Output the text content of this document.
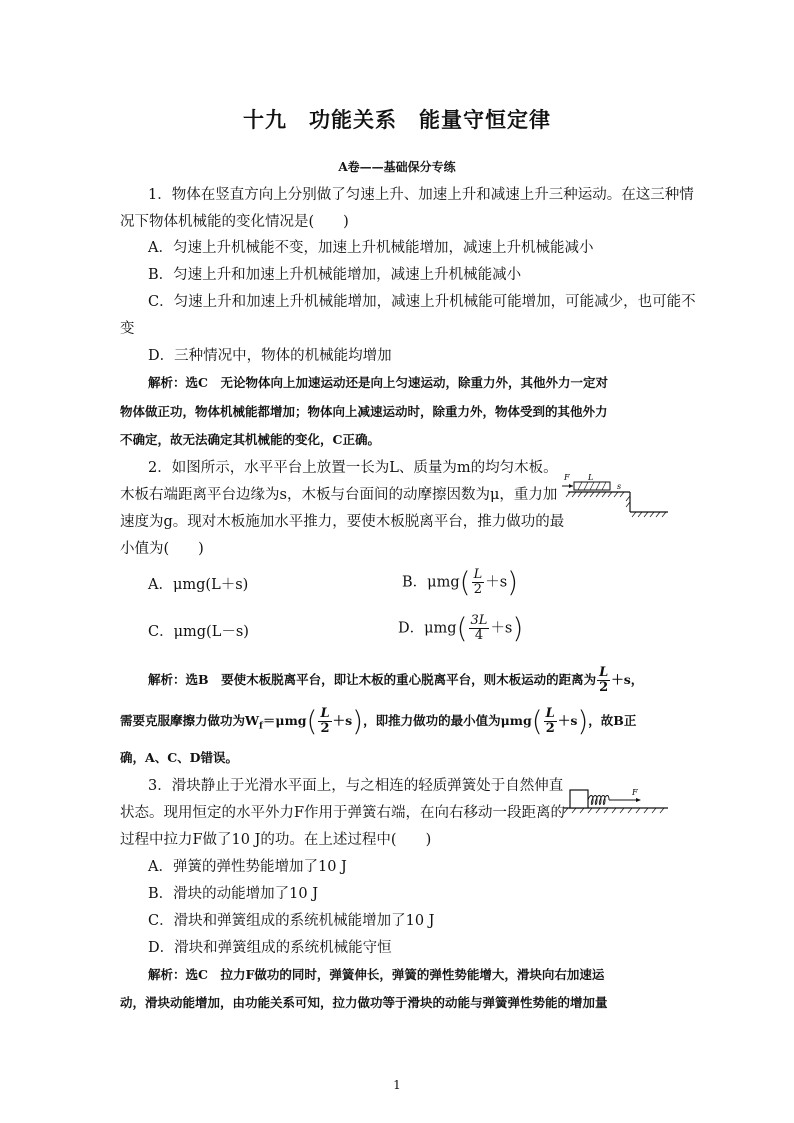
十九　功能关系　能量守恒定律
A卷——基础保分专练
1．物体在竖直方向上分别做了匀速上升、加速上升和减速上升三种运动。在这三种情
况下物体机械能的变化情况是(　　)
A．匀速上升机械能不变，加速上升机械能增加，减速上升机械能减小
B．匀速上升和加速上升机械能增加，减速上升机械能减小
C．匀速上升和加速上升机械能增加，减速上升机械能可能增加，可能减少，也可能不
变
D．三种情况中，物体的机械能均增加
解析：选C　无论物体向上加速运动还是向上匀速运动，除重力外，其他外力一定对
物体做正功，物体机械能都增加；物体向上减速运动时，除重力外，物体受到的其他外力
不确定，故无法确定其机械能的变化，C正确。
2．如图所示，水平平台上放置一长为L、质量为m的均匀木板。
木板右端距离平台边缘为s，木板与台面间的动摩擦因数为μ，重力加
速度为g。现对木板施加水平推力，要使木板脱离平台，推力做功的最
小值为(　　)
F L
s
A．μmg(L＋s)	B．$\mu mg( \frac{L}{2} +s)$
C．μmg(L－s)	D．$\mu mg( \frac{3L}{4} +s)$
解析：选B　要使木板脱离平台，即让木板的重心脱离平台，则木板运动的距离为 $\frac{L}{2} +s$，
需要克服摩擦力做功为$W_f=\mu mg( \frac{L}{2} +s)$，即推力做功的最小值为$\mu mg( \frac{L}{2} +s)$，故B正
确，A、C、D错误。
3．滑块静止于光滑水平面上，与之相连的轻质弹簧处于自然伸直
状态。现用恒定的水平外力F作用于弹簧右端，在向右移动一段距离的
过程中拉力F做了10 J的功。在上述过程中(　　)
F
A．弹簧的弹性势能增加了10 J
B．滑块的动能增加了10 J
C．滑块和弹簧组成的系统机械能增加了10 J
D．滑块和弹簧组成的系统机械能守恒
解析：选C　拉力F做功的同时，弹簧伸长，弹簧的弹性势能增大，滑块向右加速运
动，滑块动能增加，由功能关系可知，拉力做功等于滑块的动能与弹簧弹性势能的增加量
1
